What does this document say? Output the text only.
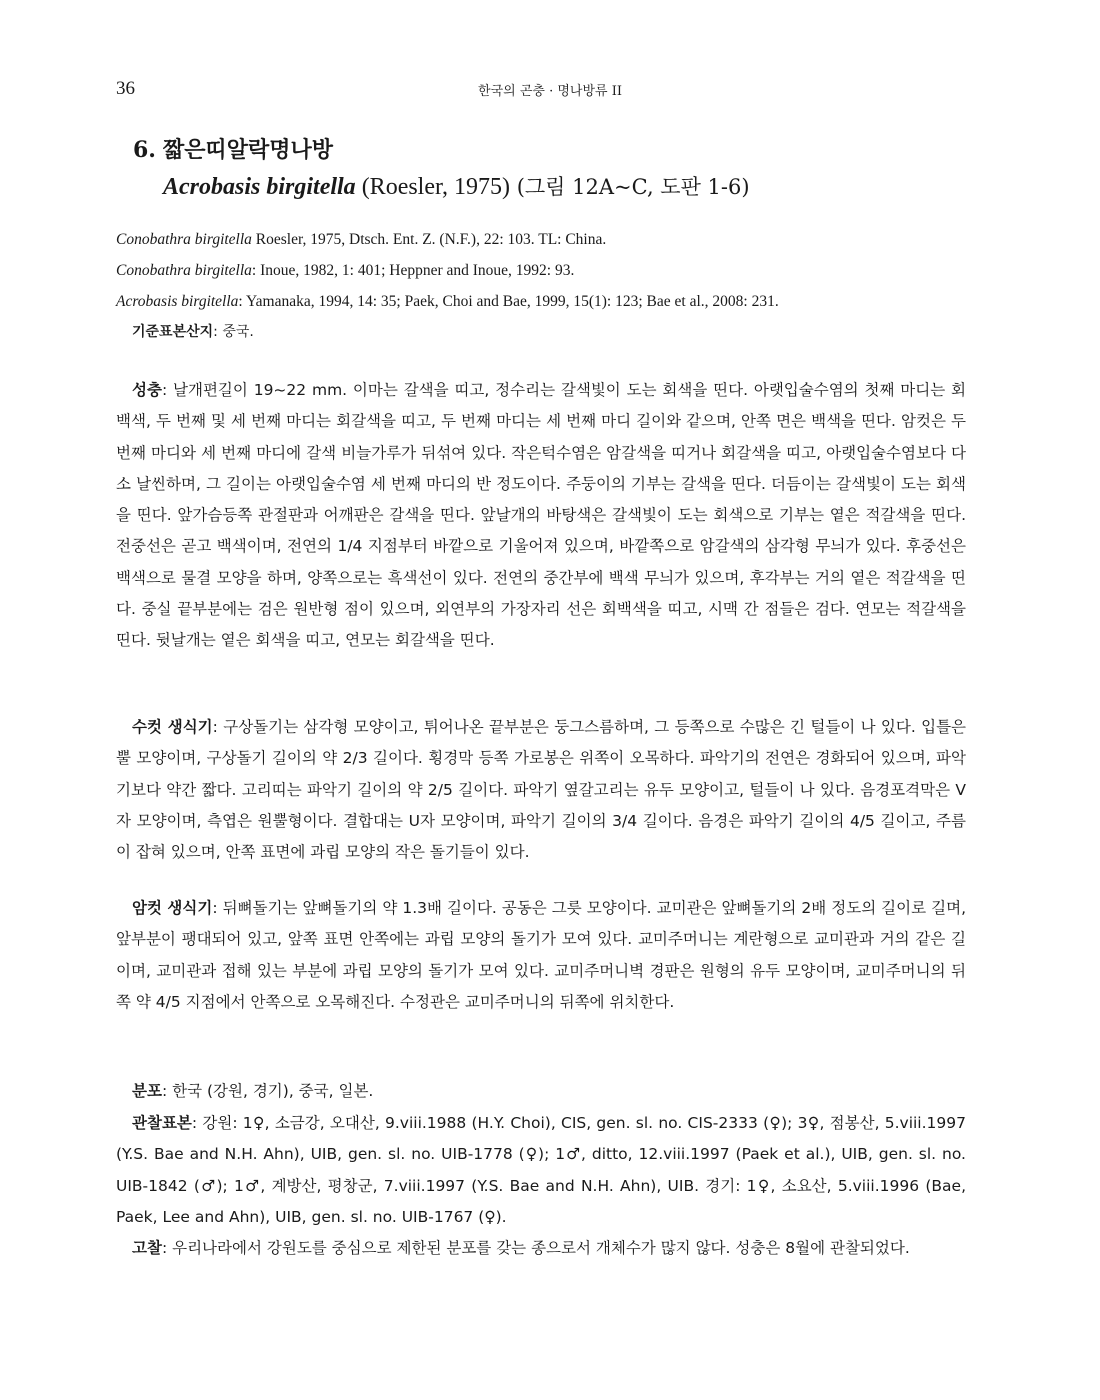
36	한국의 곤충 · 명나방류 II
6. 짧은띠알락명나방
Acrobasis birgitella (Roesler, 1975) (그림 12A~C, 도판 1-6)
Conobathra birgitella Roesler, 1975, Dtsch. Ent. Z. (N.F.), 22: 103. TL: China.
Conobathra birgitella: Inoue, 1982, 1: 401; Heppner and Inoue, 1992: 93.
Acrobasis birgitella: Yamanaka, 1994, 14: 35; Paek, Choi and Bae, 1999, 15(1): 123; Bae et al., 2008: 231.
기준표본산지: 중국.
성충: 날개편길이 19~22 mm. 이마는 갈색을 띠고, 정수리는 갈색빛이 도는 회색을 띤다. 아랫입술수염의 첫째 마디는 회백색, 두 번째 및 세 번째 마디는 회갈색을 띠고, 두 번째 마디는 세 번째 마디 길이와 같으며, 안쪽 면은 백색을 띤다. 암컷은 두 번째 마디와 세 번째 마디에 갈색 비늘가루가 뒤섞여 있다. 작은턱수염은 암갈색을 띠거나 회갈색을 띠고, 아랫입술수염보다 다소 날씬하며, 그 길이는 아랫입술수염 세 번째 마디의 반 정도이다. 주둥이의 기부는 갈색을 띤다. 더듬이는 갈색빛이 도는 회색을 띤다. 앞가슴등쪽 관절판과 어깨판은 갈색을 띤다. 앞날개의 바탕색은 갈색빛이 도는 회색으로 기부는 옅은 적갈색을 띤다. 전중선은 곧고 백색이며, 전연의 1/4 지점부터 바깥으로 기울어져 있으며, 바깥쪽으로 암갈색의 삼각형 무늬가 있다. 후중선은 백색으로 물결 모양을 하며, 양쪽으로는 흑색선이 있다. 전연의 중간부에 백색 무늬가 있으며, 후각부는 거의 옅은 적갈색을 띤다. 중실 끝부분에는 검은 원반형 점이 있으며, 외연부의 가장자리 선은 회백색을 띠고, 시맥 간 점들은 검다. 연모는 적갈색을 띤다. 뒷날개는 옅은 회색을 띠고, 연모는 회갈색을 띤다.
수컷 생식기: 구상돌기는 삼각형 모양이고, 튀어나온 끝부분은 둥그스름하며, 그 등쪽으로 수많은 긴 털들이 나 있다. 입틀은 뿔 모양이며, 구상돌기 길이의 약 2/3 길이다. 횡경막 등쪽 가로봉은 위쪽이 오목하다. 파악기의 전연은 경화되어 있으며, 파악기보다 약간 짧다. 고리띠는 파악기 길이의 약 2/5 길이다. 파악기 옆갈고리는 유두 모양이고, 털들이 나 있다. 음경포격막은 V자 모양이며, 측엽은 원뿔형이다. 결합대는 U자 모양이며, 파악기 길이의 3/4 길이다. 음경은 파악기 길이의 4/5 길이고, 주름이 잡혀 있으며, 안쪽 표면에 과립 모양의 작은 돌기들이 있다.
암컷 생식기: 뒤뼈돌기는 앞뼈돌기의 약 1.3배 길이다. 공동은 그릇 모양이다. 교미관은 앞뼈돌기의 2배 정도의 길이로 길며, 앞부분이 팽대되어 있고, 앞쪽 표면 안쪽에는 과립 모양의 돌기가 모여 있다. 교미주머니는 계란형으로 교미관과 거의 같은 길이며, 교미관과 접해 있는 부분에 과립 모양의 돌기가 모여 있다. 교미주머니벽 경판은 원형의 유두 모양이며, 교미주머니의 뒤쪽 약 4/5 지점에서 안쪽으로 오목해진다. 수정관은 교미주머니의 뒤쪽에 위치한다.
분포: 한국 (강원, 경기), 중국, 일본.
관찰표본: 강원: 1♀, 소금강, 오대산, 9.viii.1988 (H.Y. Choi), CIS, gen. sl. no. CIS-2333 (♀); 3♀, 점봉산, 5.viii.1997 (Y.S. Bae and N.H. Ahn), UIB, gen. sl. no. UIB-1778 (♀); 1♂, ditto, 12.viii.1997 (Paek et al.), UIB, gen. sl. no. UIB-1842 (♂); 1♂, 계방산, 평창군, 7.viii.1997 (Y.S. Bae and N.H. Ahn), UIB. 경기: 1♀, 소요산, 5.viii.1996 (Bae, Paek, Lee and Ahn), UIB, gen. sl. no. UIB-1767 (♀).
고찰: 우리나라에서 강원도를 중심으로 제한된 분포를 갖는 종으로서 개체수가 많지 않다. 성충은 8월에 관찰되었다.
